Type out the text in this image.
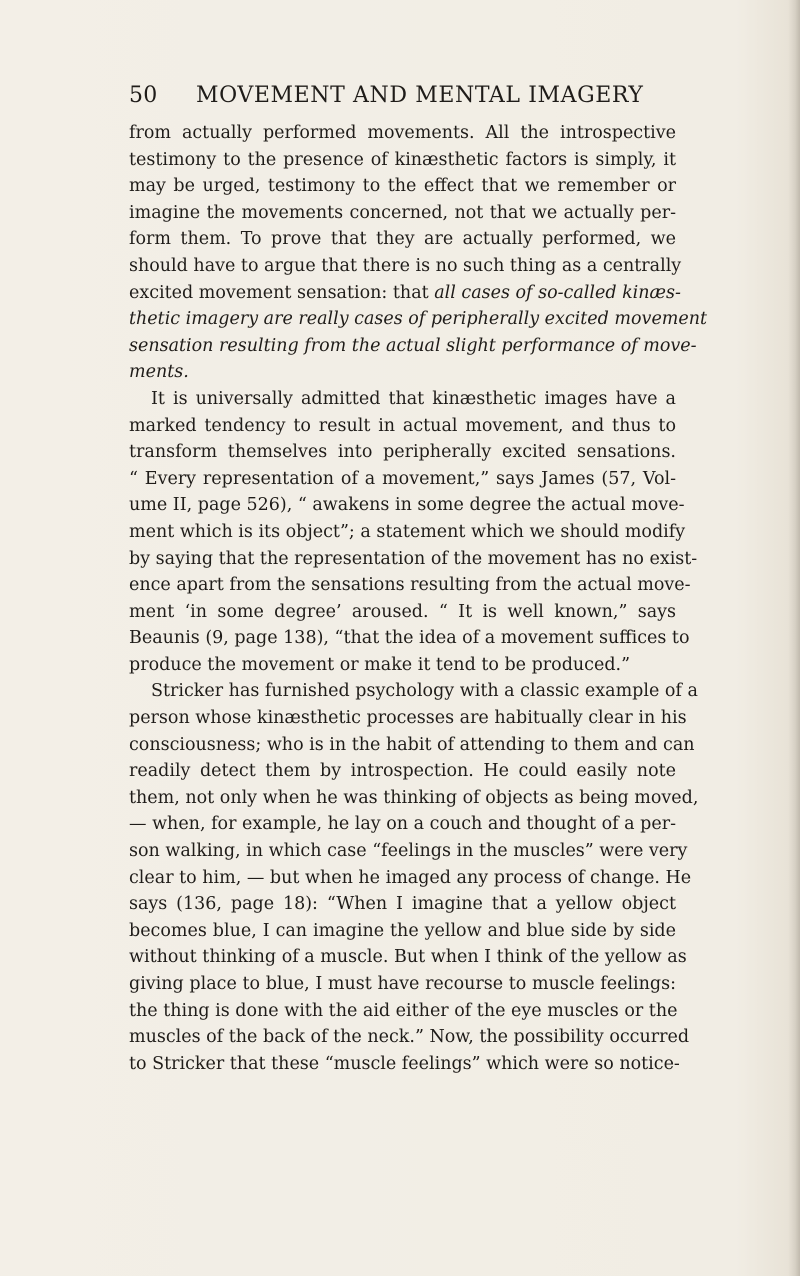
50 MOVEMENT AND MENTAL IMAGERY
from actually performed movements. All the introspective
testimony to the presence of kinæsthetic factors is simply, it
may be urged, testimony to the effect that we remember or
imagine the movements concerned, not that we actually per-
form them. To prove that they are actually performed, we
should have to argue that there is no such thing as a centrally
excited movement sensation: that all cases of so-called kinæs-
thetic imagery are really cases of peripherally excited movement
sensation resulting from the actual slight performance of move-
ments.
It is universally admitted that kinæsthetic images have a
marked tendency to result in actual movement, and thus to
transform themselves into peripherally excited sensations.
“ Every representation of a movement,” says James (57, Vol-
ume II, page 526), “ awakens in some degree the actual move-
ment which is its object”; a statement which we should modify
by saying that the representation of the movement has no exist-
ence apart from the sensations resulting from the actual move-
ment ‘in some degree’ aroused. “ It is well known,” says
Beaunis (9, page 138), “that the idea of a movement suffices to
produce the movement or make it tend to be produced.”
Stricker has furnished psychology with a classic example of a
person whose kinæsthetic processes are habitually clear in his
consciousness; who is in the habit of attending to them and can
readily detect them by introspection. He could easily note
them, not only when he was thinking of objects as being moved,
— when, for example, he lay on a couch and thought of a per-
son walking, in which case “feelings in the muscles” were very
clear to him, — but when he imaged any process of change. He
says (136, page 18): “When I imagine that a yellow object
becomes blue, I can imagine the yellow and blue side by side
without thinking of a muscle. But when I think of the yellow as
giving place to blue, I must have recourse to muscle feelings:
the thing is done with the aid either of the eye muscles or the
muscles of the back of the neck.” Now, the possibility occurred
to Stricker that these “muscle feelings” which were so notice-
